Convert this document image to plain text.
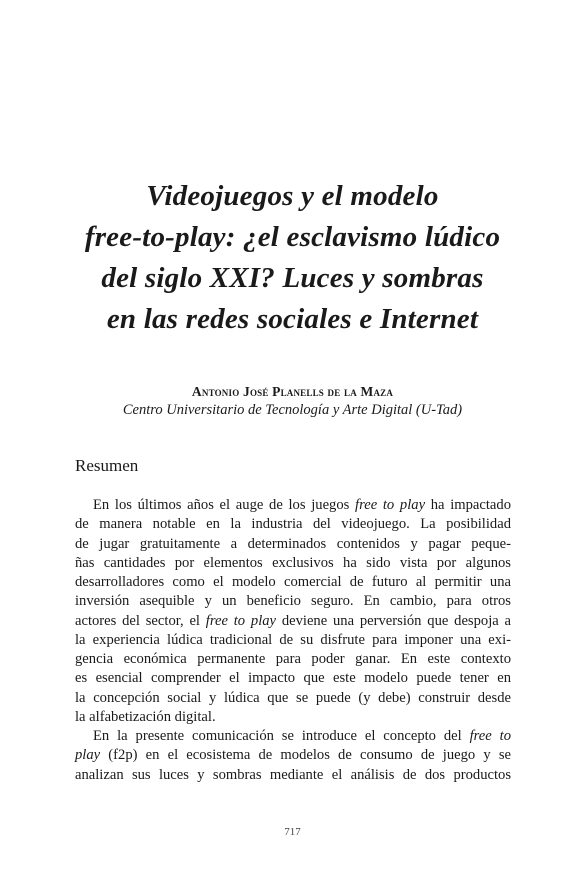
Videojuegos y el modelo
free-to-play: ¿el esclavismo lúdico
del siglo XXI? Luces y sombras
en las redes sociales e Internet
Antonio José Planells de la Maza
Centro Universitario de Tecnología y Arte Digital (U-Tad)
Resumen
En los últimos años el auge de los juegos free to play ha impactado
de manera notable en la industria del videojuego. La posibilidad
de jugar gratuitamente a determinados contenidos y pagar peque-
ñas cantidades por elementos exclusivos ha sido vista por algunos
desarrolladores como el modelo comercial de futuro al permitir una
inversión asequible y un beneficio seguro. En cambio, para otros
actores del sector, el free to play deviene una perversión que despoja a
la experiencia lúdica tradicional de su disfrute para imponer una exi-
gencia económica permanente para poder ganar. En este contexto
es esencial comprender el impacto que este modelo puede tener en
la concepción social y lúdica que se puede (y debe) construir desde
la alfabetización digital.
En la presente comunicación se introduce el concepto del free to
play (f2p) en el ecosistema de modelos de consumo de juego y se
analizan sus luces y sombras mediante el análisis de dos productos
717
